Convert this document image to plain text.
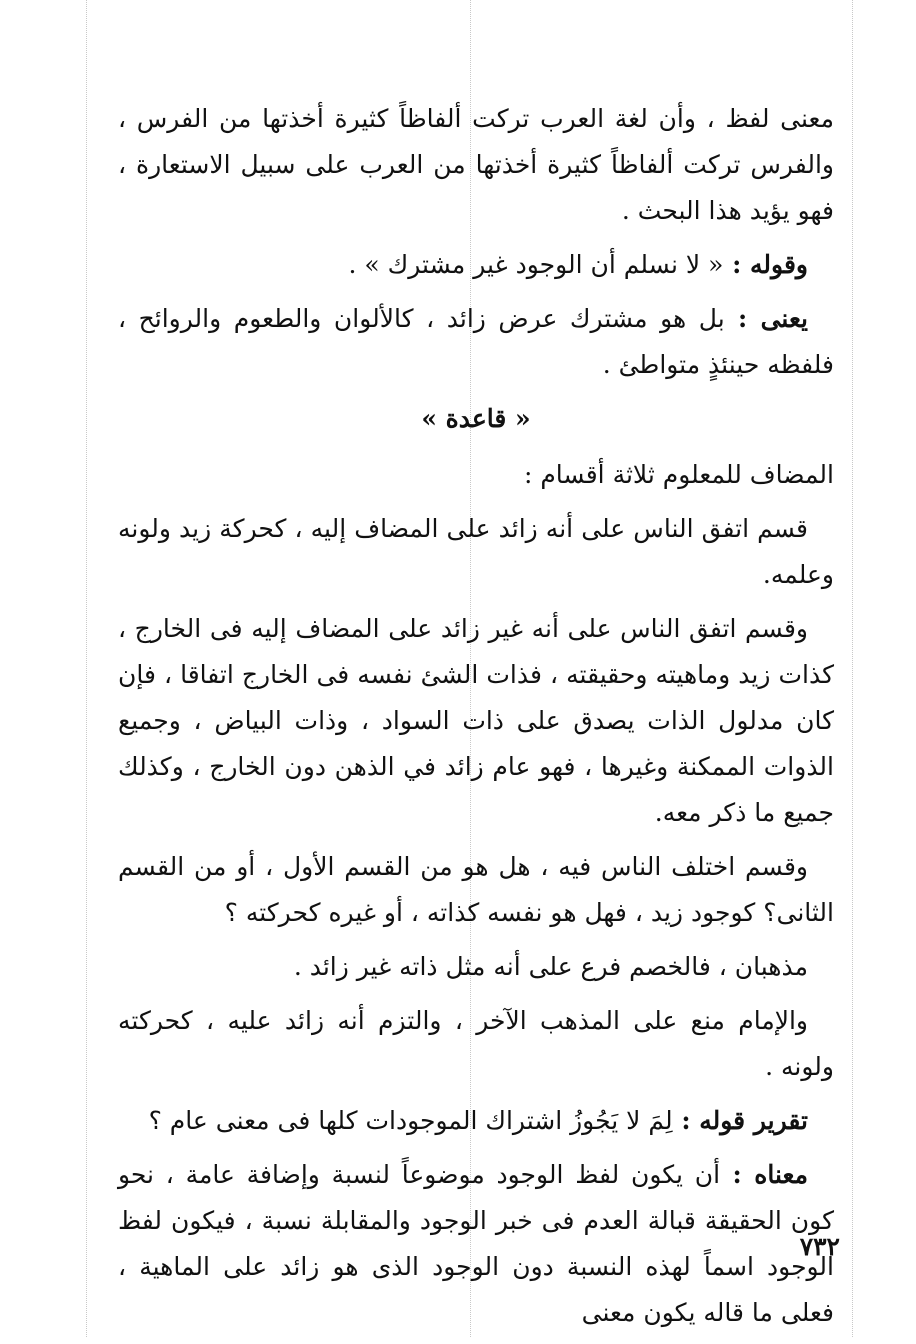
معنى لفظ ، وأن لغة العرب تركت ألفاظاً كثيرة أخذتها من الفرس ، والفرس تركت ألفاظاً كثيرة أخذتها من العرب على سبيل الاستعارة ، فهو يؤيد هذا البحث .

وقوله : « لا نسلم أن الوجود غير مشترك » .

يعنى : بل هو مشترك عرض زائد ، كالألوان والطعوم والروائح ، فلفظه حينئذٍ متواطئ .

« قاعدة »

المضاف للمعلوم ثلاثة أقسام :

قسم اتفق الناس على أنه زائد على المضاف إليه ، كحركة زيد ولونه وعلمه.

وقسم اتفق الناس على أنه غير زائد على المضاف إليه فى الخارج ، كذات زيد وماهيته وحقيقته ، فذات الشئ نفسه فى الخارج اتفاقا ، فإن كان مدلول الذات يصدق على ذات السواد ، وذات البياض ، وجميع الذوات الممكنة وغيرها ، فهو عام زائد في الذهن دون الخارج ، وكذلك جميع ما ذكر معه.

وقسم اختلف الناس فيه ، هل هو من القسم الأول ، أو من القسم الثانى؟ كوجود زيد ، فهل هو نفسه كذاته ، أو غيره كحركته ؟

مذهبان ، فالخصم فرع على أنه مثل ذاته غير زائد .

والإمام منع على المذهب الآخر ، والتزم أنه زائد عليه ، كحركته ولونه .

تقرير قوله : لِمَ لا يَجُوزُ اشتراك الموجودات كلها فى معنى عام ؟

معناه : أن يكون لفظ الوجود موضوعاً لنسبة وإضافة عامة ، نحو كون الحقيقة قبالة العدم فى خبر الوجود والمقابلة نسبة ، فيكون لفظ الوجود اسماً لهذه النسبة دون الوجود الذى هو زائد على الماهية ، فعلى ما قاله يكون معنى

٧٣٢
